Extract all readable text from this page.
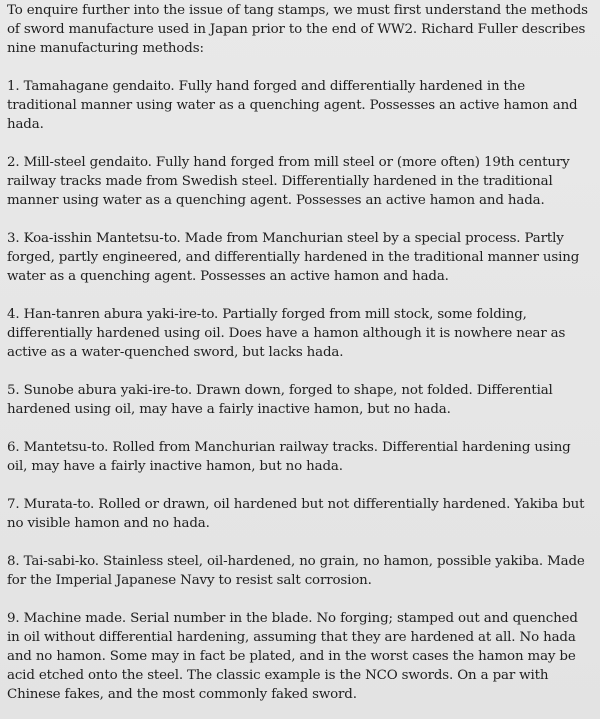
To enquire further into the issue of tang stamps, we must first understand the methods of sword manufacture used in Japan prior to the end of WW2. Richard Fuller describes nine manufacturing methods:

1. Tamahagane gendaito. Fully hand forged and differentially hardened in the traditional manner using water as a quenching agent. Possesses an active hamon and hada.

2. Mill-steel gendaito. Fully hand forged from mill steel or (more often) 19th century railway tracks made from Swedish steel. Differentially hardened in the traditional manner using water as a quenching agent. Possesses an active hamon and hada.

3. Koa-isshin Mantetsu-to. Made from Manchurian steel by a special process. Partly forged, partly engineered, and differentially hardened in the traditional manner using water as a quenching agent. Possesses an active hamon and hada.

4. Han-tanren abura yaki-ire-to. Partially forged from mill stock, some folding, differentially hardened using oil. Does have a hamon although it is nowhere near as active as a water-quenched sword, but lacks hada.

5. Sunobe abura yaki-ire-to. Drawn down, forged to shape, not folded. Differential hardened using oil, may have a fairly inactive hamon, but no hada.

6. Mantetsu-to. Rolled from Manchurian railway tracks. Differential hardening using oil, may have a fairly inactive hamon, but no hada.

7. Murata-to. Rolled or drawn, oil hardened but not differentially hardened. Yakiba but no visible hamon and no hada.

8. Tai-sabi-ko. Stainless steel, oil-hardened, no grain, no hamon, possible yakiba. Made for the Imperial Japanese Navy to resist salt corrosion.

9. Machine made. Serial number in the blade. No forging; stamped out and quenched in oil without differential hardening, assuming that they are hardened at all. No hada and no hamon. Some may in fact be plated, and in the worst cases the hamon may be acid etched onto the steel. The classic example is the NCO swords. On a par with Chinese fakes, and the most commonly faked sword.
